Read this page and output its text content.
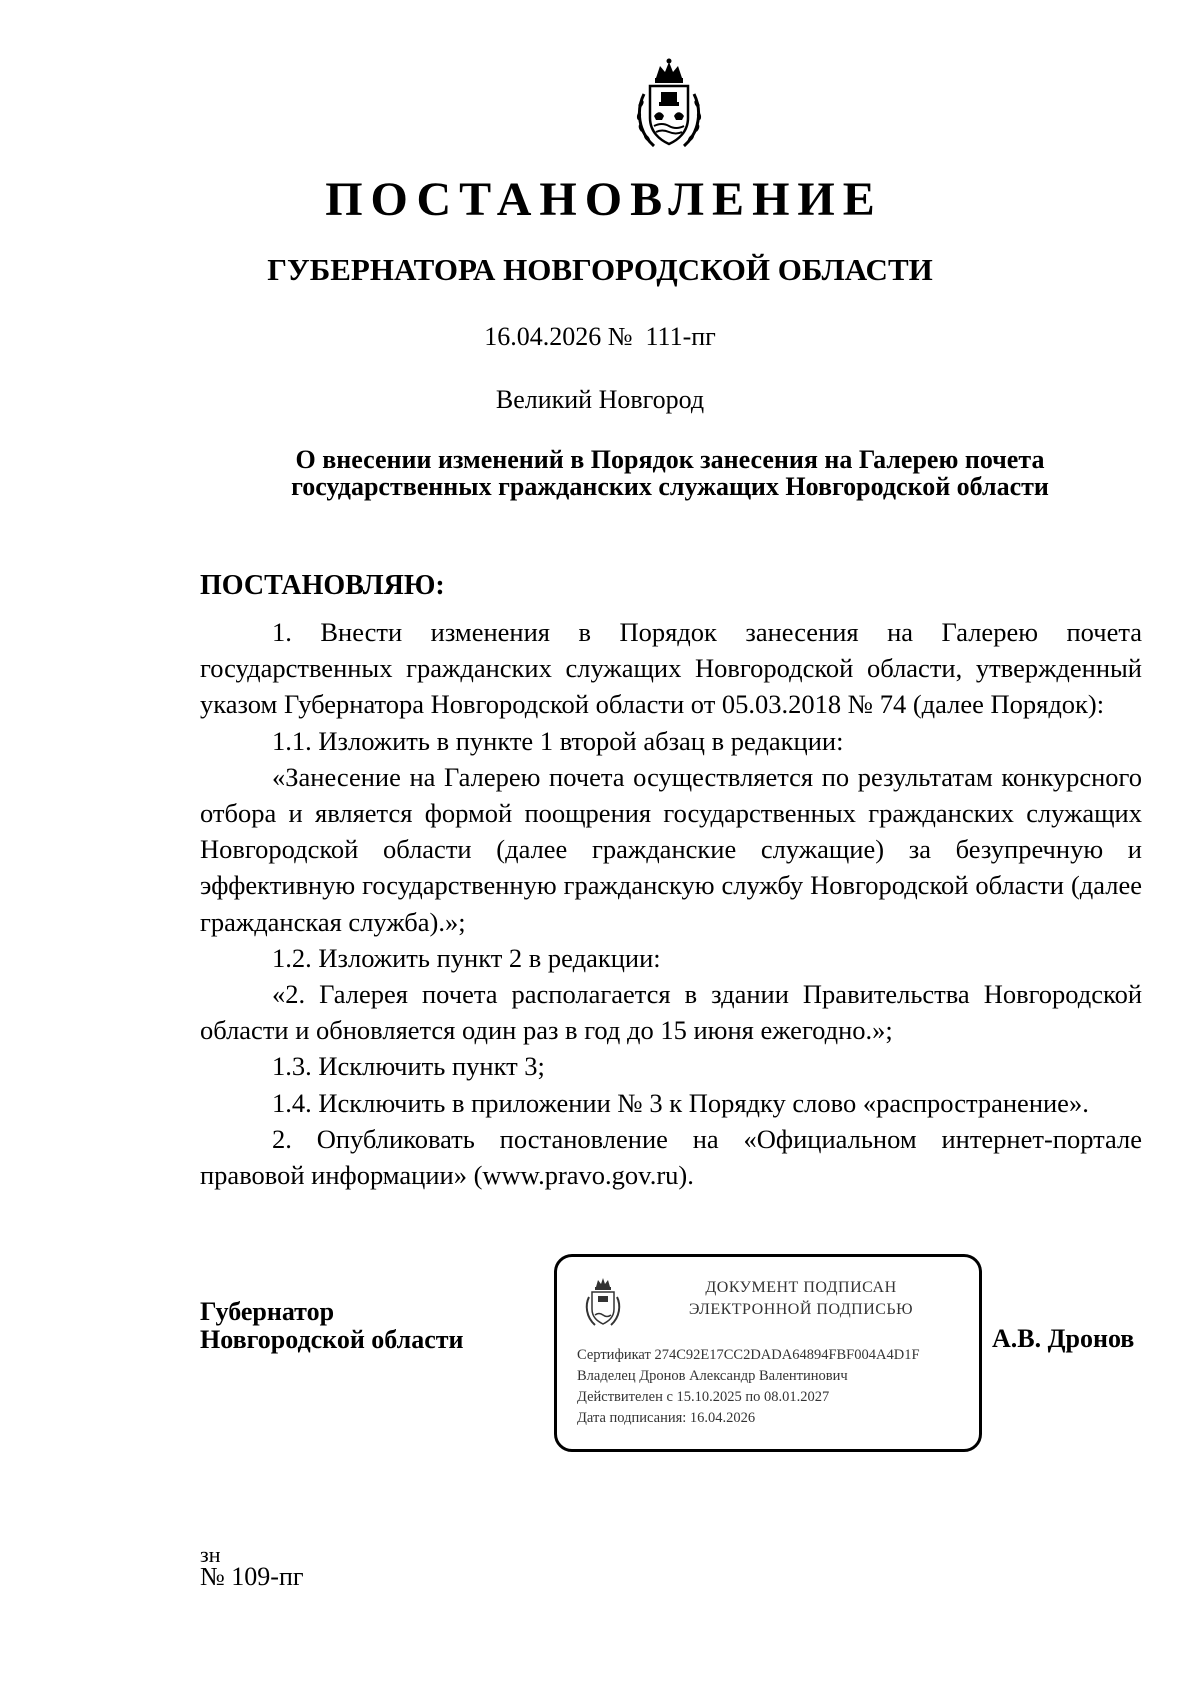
ПОСТАНОВЛЕНИЕ
ГУБЕРНАТОРА НОВГОРОДСКОЙ ОБЛАСТИ
16.04.2026 №  111-пг
Великий Новгород
О внесении изменений в Порядок занесения на Галерею почета
государственных гражданских служащих Новгородской области
ПОСТАНОВЛЯЮ:

1. Внести изменения в Порядок занесения на Галерею почета государственных гражданских служащих Новгородской области, утвержденный указом Губернатора Новгородской области от 05.03.2018 № 74 (далее Порядок):

1.1. Изложить в пункте 1 второй абзац в редакции:

«Занесение на Галерею почета осуществляется по результатам конкурсного отбора и является формой поощрения государственных гражданских служащих Новгородской области (далее гражданские служащие) за безупречную и эффективную государственную гражданскую службу Новгородской области (далее гражданская служба).»;

1.2. Изложить пункт 2 в редакции:

«2. Галерея почета располагается в здании Правительства Новгородской области и обновляется один раз в год до 15 июня ежегодно.»;

1.3. Исключить пункт 3;

1.4. Исключить в приложении № 3 к Порядку слово «распространение».

2. Опубликовать постановление на «Официальном интернет-портале правовой информации» (www.pravo.gov.ru).

Губернатор
Новгородской области
ДОКУМЕНТ ПОДПИСАН
ЭЛЕКТРОННОЙ ПОДПИСЬЮ
Сертификат 274C92E17CC2DADA64894FBF004A4D1F
Владелец Дронов Александр Валентинович
Действителен с 15.10.2025 по 08.01.2027
Дата подписания: 16.04.2026
А.В. Дронов
зн
№ 109-пг
